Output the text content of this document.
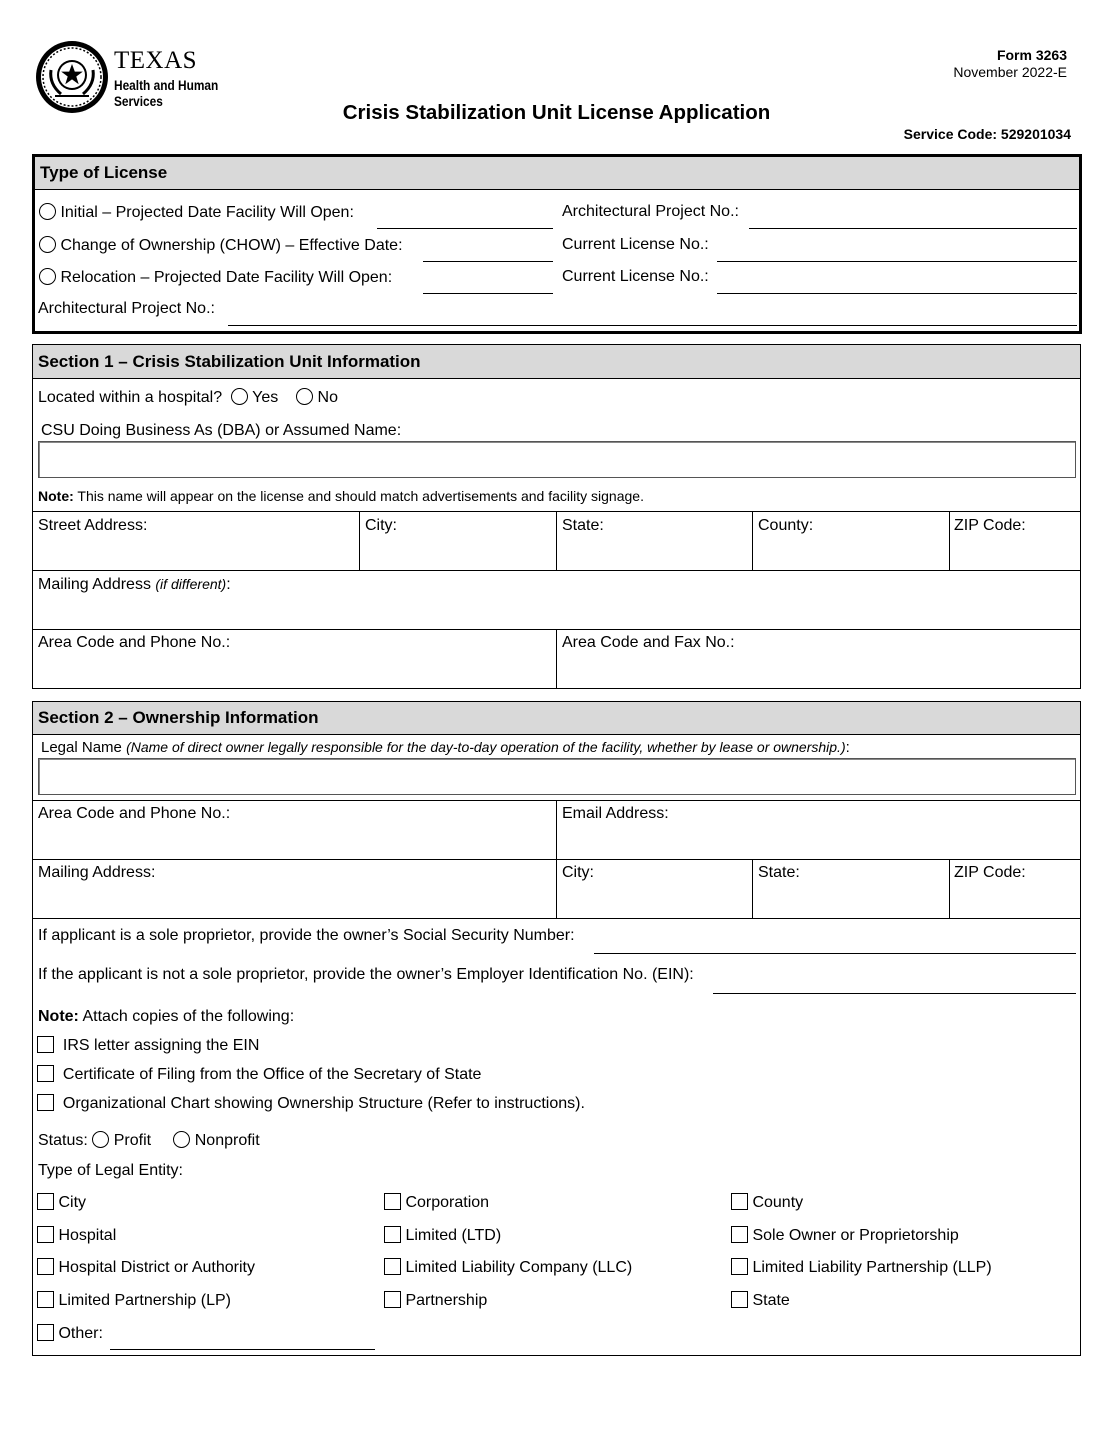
TEXAS
Health and Human
Services
Form 3263
November 2022-E
Crisis Stabilization Unit License Application
Service Code: 529201034
Type of License
Initial – Projected Date Facility Will Open:	Architectural Project No.:
Change of Ownership (CHOW) – Effective Date:	Current License No.:
Relocation – Projected Date Facility Will Open:	Current License No.:
Architectural Project No.:
Section 1 – Crisis Stabilization Unit Information
Located within a hospital? Yes No
CSU Doing Business As (DBA) or Assumed Name:
Note: This name will appear on the license and should match advertisements and facility signage.
Street Address:	City:	State:	County:	ZIP Code:
Mailing Address (if different):
Area Code and Phone No.:	Area Code and Fax No.:
Section 2 – Ownership Information
Legal Name (Name of direct owner legally responsible for the day-to-day operation of the facility, whether by lease or ownership.):
Area Code and Phone No.:	Email Address:
Mailing Address:	City:	State:	ZIP Code:
If applicant is a sole proprietor, provide the owner’s Social Security Number:
If the applicant is not a sole proprietor, provide the owner’s Employer Identification No. (EIN):
Note: Attach copies of the following:
IRS letter assigning the EIN
Certificate of Filing from the Office of the Secretary of State
Organizational Chart showing Ownership Structure (Refer to instructions).
Status: Profit	Nonprofit
Type of Legal Entity:
City	Corporation	County
Hospital	Limited (LTD)	Sole Owner or Proprietorship
Hospital District or Authority	Limited Liability Company (LLC)	Limited Liability Partnership (LLP)
Limited Partnership (LP)	Partnership	State
Other:
